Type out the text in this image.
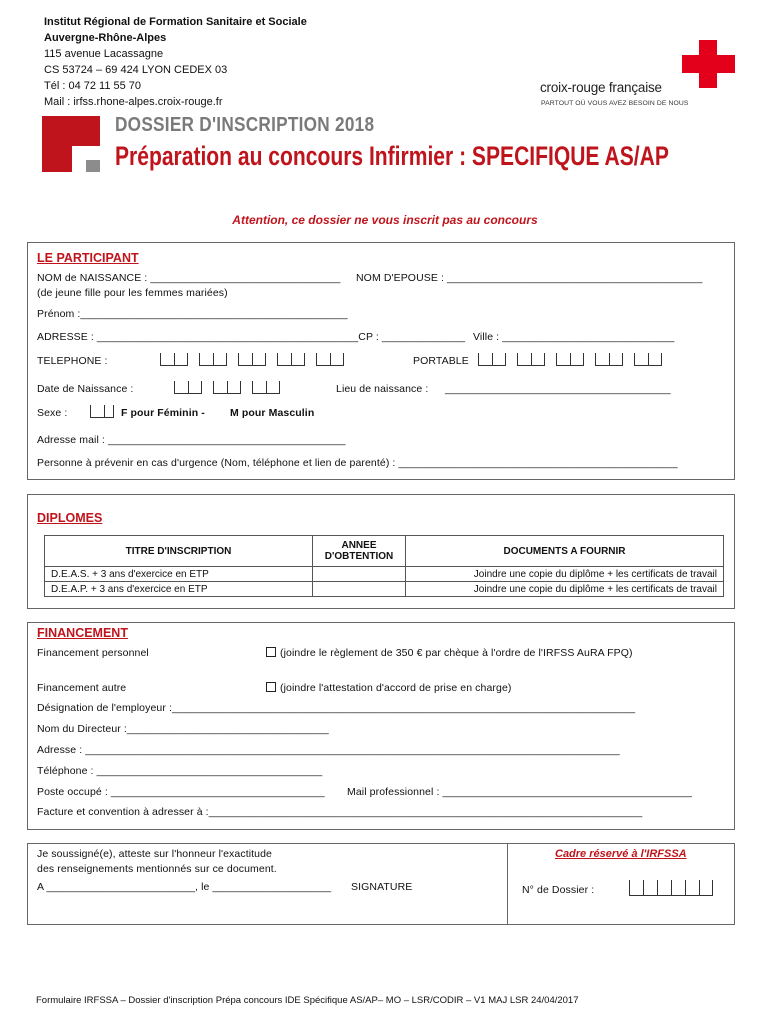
Institut Régional de Formation Sanitaire et Sociale
Auvergne-Rhône-Alpes
115 avenue Lacassagne
CS 53724 – 69 424 LYON CEDEX 03
Tél : 04 72 11 55 70
Mail : irfss.rhone-alpes.croix-rouge.fr
croix-rouge française
PARTOUT OÙ VOUS AVEZ BESOIN DE NOUS
DOSSIER D'INSCRIPTION 2018
Préparation au concours Infirmier : SPECIFIQUE AS/AP
Attention, ce dossier ne vous inscrit pas au concours
LE PARTICIPANT
NOM de NAISSANCE : ________________________________ NOM D'EPOUSE : ___________________________________________
(de jeune fille pour les femmes mariées)
Prénom :_____________________________________________
ADRESSE : ____________________________________________CP : ______________ Ville : _____________________________
TELEPHONE :	PORTABLE
Date de Naissance :	Lieu de naissance : ______________________________________
Sexe :	F pour Féminin - M pour Masculin
Adresse mail : ________________________________________
Personne à prévenir en cas d'urgence (Nom, téléphone et lien de parenté) : _______________________________________________
DIPLOMES
TITRE D'INSCRIPTION	ANNEE D'OBTENTION	DOCUMENTS A FOURNIR
D.E.A.S. + 3 ans d'exercice en ETP		Joindre une copie du diplôme + les certificats de travail
D.E.A.P. + 3 ans d'exercice en ETP		Joindre une copie du diplôme + les certificats de travail
FINANCEMENT
Financement personnel	(joindre le règlement de 350 € par chèque à l'ordre de l'IRFSS AuRA FPQ)
Financement autre	(joindre l'attestation d'accord de prise en charge)
Désignation de l'employeur :______________________________________________________________________________
Nom du Directeur :__________________________________
Adresse : __________________________________________________________________________________________
Téléphone : ______________________________________
Poste occupé : ____________________________________ Mail professionnel : __________________________________________
Facture et convention à adresser à :_________________________________________________________________________
Je soussigné(e), atteste sur l'honneur l'exactitude
des renseignements mentionnés sur ce document.
A _________________________, le ____________________ SIGNATURE
Cadre réservé à l'IRFSSA
N° de Dossier :
Formulaire IRFSSA – Dossier d'inscription Prépa concours IDE Spécifique AS/AP– MO – LSR/CODIR – V1 MAJ LSR 24/04/2017
